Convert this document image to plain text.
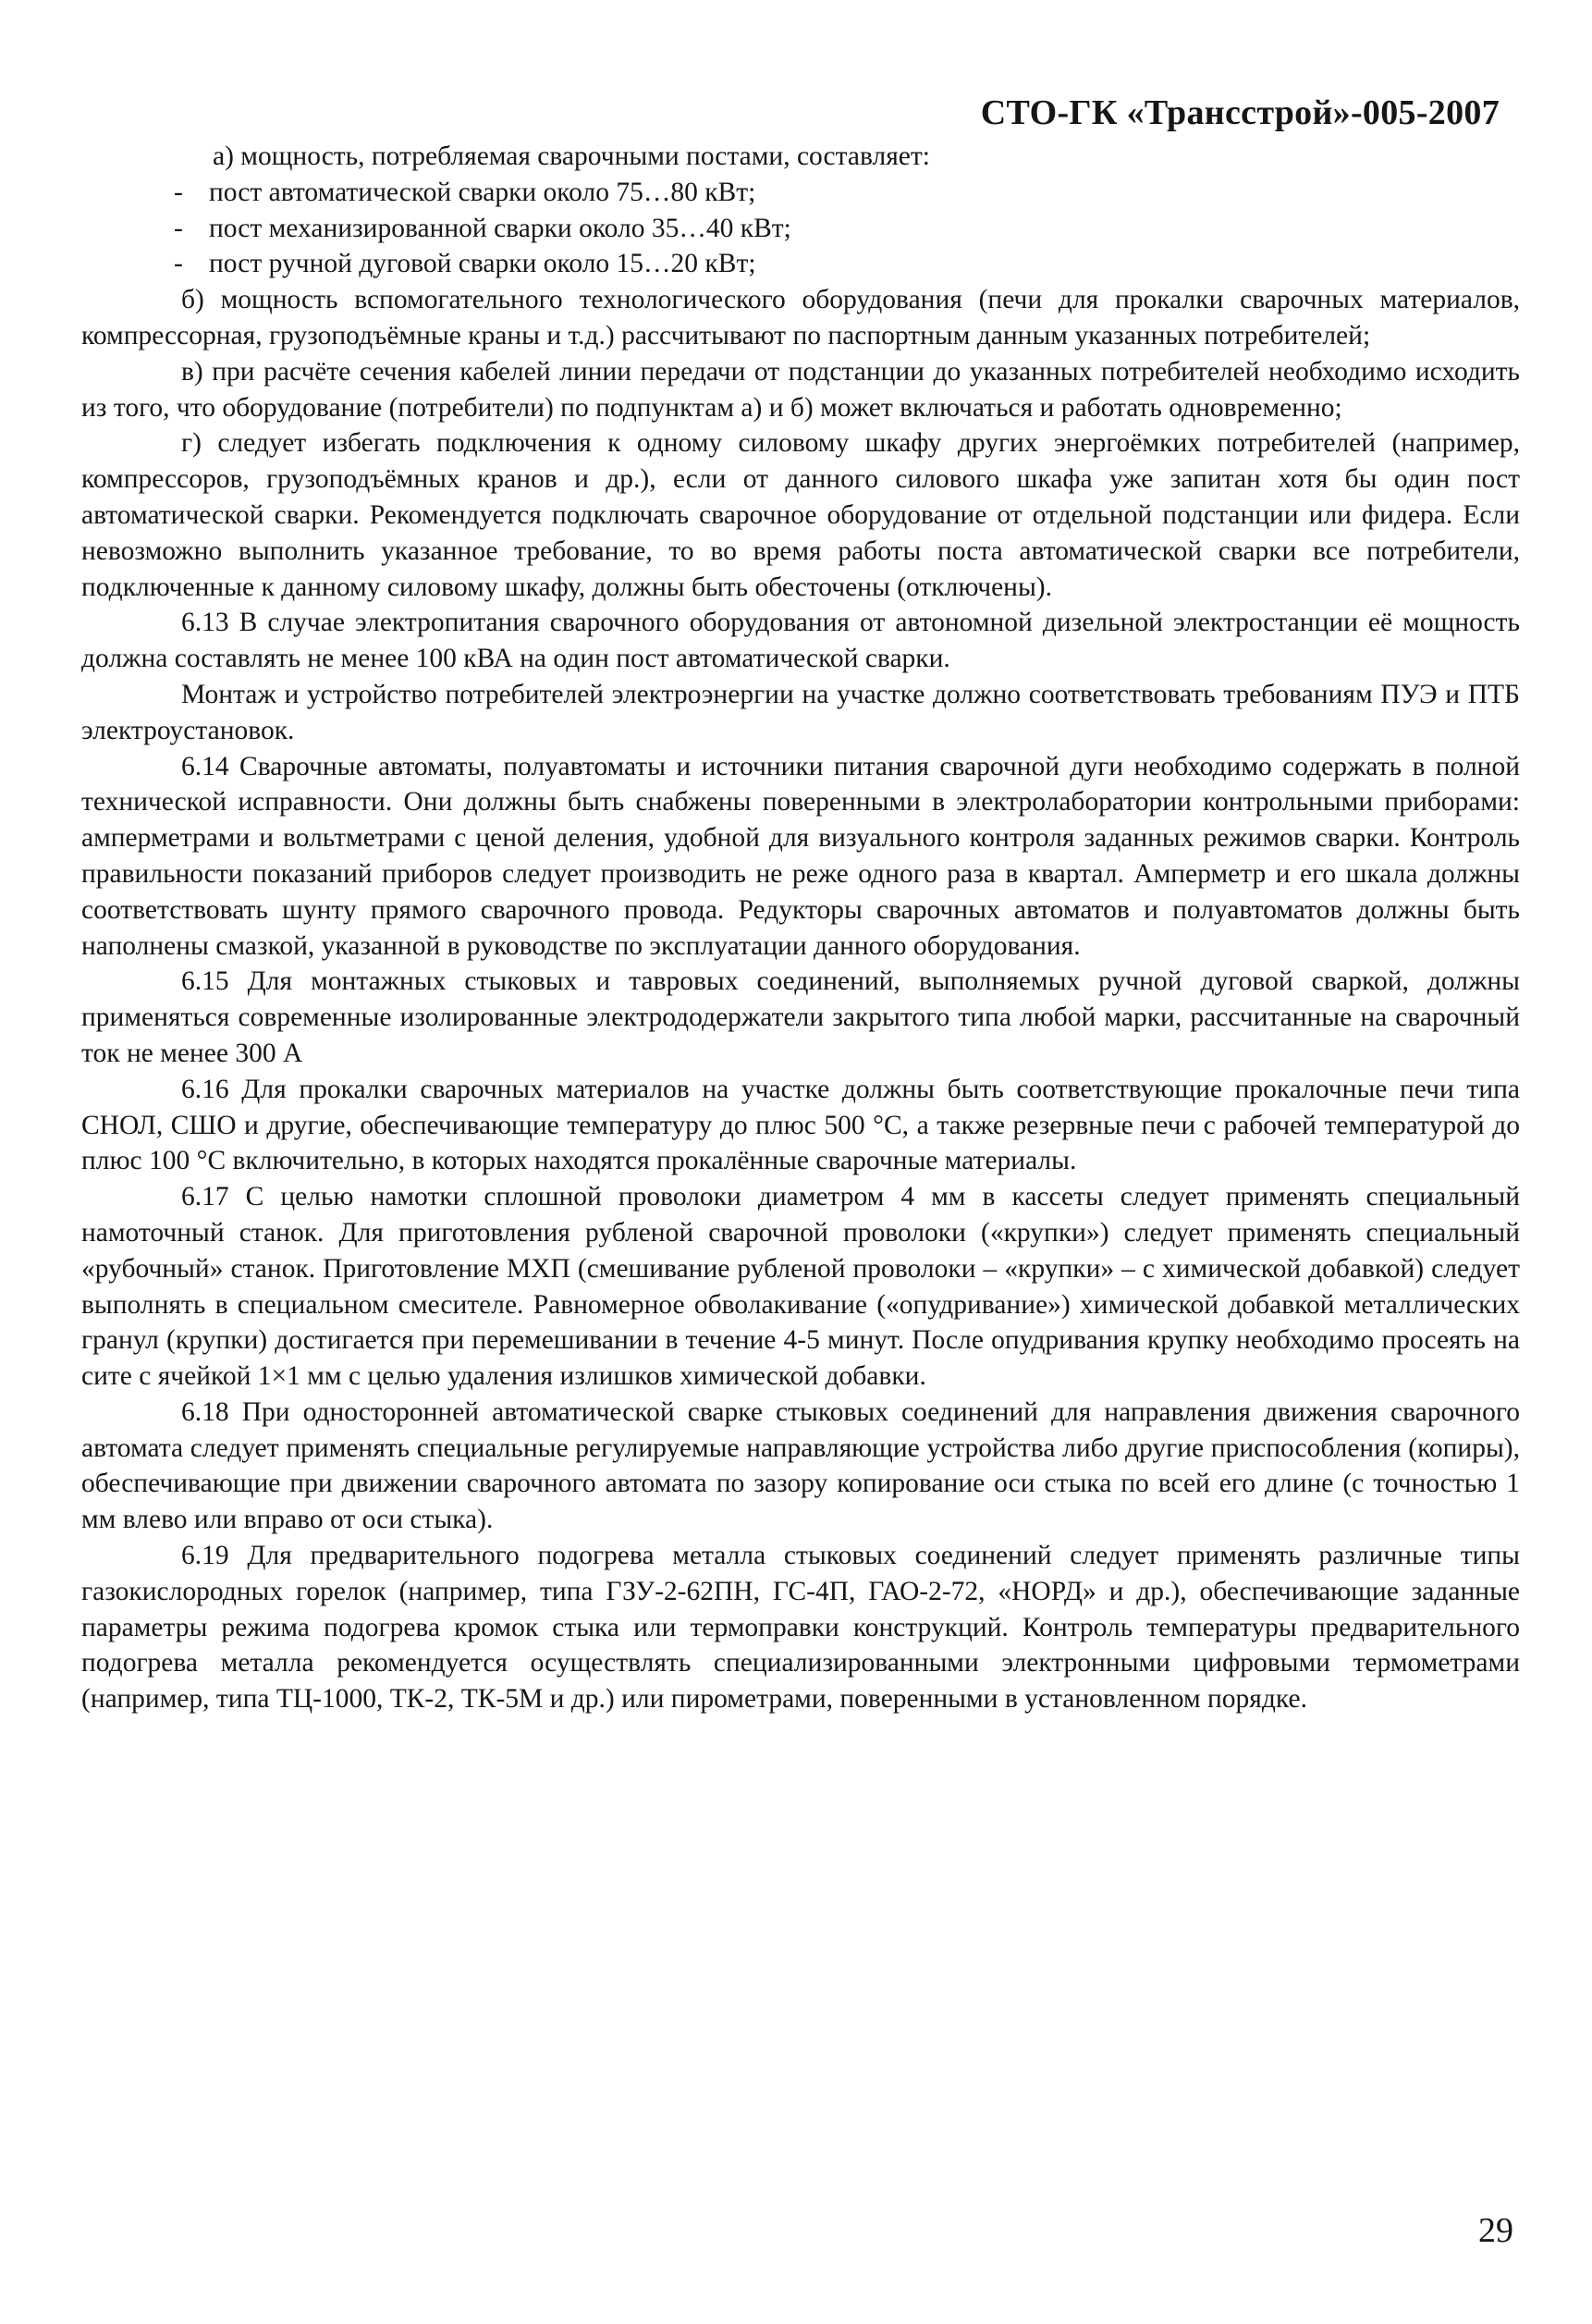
СТО-ГК «Трансстрой»-005-2007

а) мощность, потребляемая сварочными постами, составляет:

- пост автоматической сварки около 75…80 кВт;

- пост механизированной сварки около 35…40 кВт;

- пост ручной дуговой сварки около 15…20 кВт;

б) мощность вспомогательного технологического оборудования (печи для прокалки сварочных материалов, компрессорная, грузоподъёмные краны и т.д.) рассчитывают по паспортным данным указанных потребителей;

в) при расчёте сечения кабелей линии передачи от подстанции до указанных потребителей необходимо исходить из того, что оборудование (потребители) по подпунктам а) и б) может включаться и работать одновременно;

г) следует избегать подключения к одному силовому шкафу других энергоёмких потребителей (например, компрессоров, грузоподъёмных кранов и др.), если от данного силового шкафа уже запитан хотя бы один пост автоматической сварки. Рекомендуется подключать сварочное оборудование от отдельной подстанции или фидера. Если невозможно выполнить указанное требование, то во время работы поста автоматической сварки все потребители, подключенные к данному силовому шкафу, должны быть обесточены (отключены).

6.13 В случае электропитания сварочного оборудования от автономной дизельной электростанции её мощность должна составлять не менее 100 кВА на один пост автоматической сварки.

Монтаж и устройство потребителей электроэнергии на участке должно соответствовать требованиям ПУЭ и ПТБ электроустановок.

6.14 Сварочные автоматы, полуавтоматы и источники питания сварочной дуги необходимо содержать в полной технической исправности. Они должны быть снабжены поверенными в электролаборатории контрольными приборами: амперметрами и вольтметрами с ценой деления, удобной для визуального контроля заданных режимов сварки. Контроль правильности показаний приборов следует производить не реже одного раза в квартал. Амперметр и его шкала должны соответствовать шунту прямого сварочного провода. Редукторы сварочных автоматов и полуавтоматов должны быть наполнены смазкой, указанной в руководстве по эксплуатации данного оборудования.

6.15 Для монтажных стыковых и тавровых соединений, выполняемых ручной дуговой сваркой, должны применяться современные изолированные электрододержатели закрытого типа любой марки, рассчитанные на сварочный ток не менее 300 А

6.16 Для прокалки сварочных материалов на участке должны быть соответствующие прокалочные печи типа СНОЛ, СШО и другие, обеспечивающие температуру до плюс 500 °С, а также резервные печи с рабочей температурой до плюс 100 °С включительно, в которых находятся прокалённые сварочные материалы.

6.17 С целью намотки сплошной проволоки диаметром 4 мм в кассеты следует применять специальный намоточный станок. Для приготовления рубленой сварочной проволоки («крупки») следует применять специальный «рубочный» станок. Приготовление МХП (смешивание рубленой проволоки – «крупки» – с химической добавкой) следует выполнять в специальном смесителе. Равномерное обволакивание («опудривание») химической добавкой металлических гранул (крупки) достигается при перемешивании в течение 4-5 минут. После опудривания крупку необходимо просеять на сите с ячейкой 1×1 мм с целью удаления излишков химической добавки.

6.18 При односторонней автоматической сварке стыковых соединений для направления движения сварочного автомата следует применять специальные регулируемые направляющие устройства либо другие приспособления (копиры), обеспечивающие при движении сварочного автомата по зазору копирование оси стыка по всей его длине (с точностью 1 мм влево или вправо от оси стыка).

6.19 Для предварительного подогрева металла стыковых соединений следует применять различные типы газокислородных горелок (например, типа ГЗУ-2-62ПН, ГС-4П, ГАО-2-72, «НОРД» и др.), обеспечивающие заданные параметры режима подогрева кромок стыка или термоправки конструкций. Контроль температуры предварительного подогрева металла рекомендуется осуществлять специализированными электронными цифровыми термометрами (например, типа ТЦ-1000, ТК-2, ТК-5М и др.) или пирометрами, поверенными в установленном порядке.

29
